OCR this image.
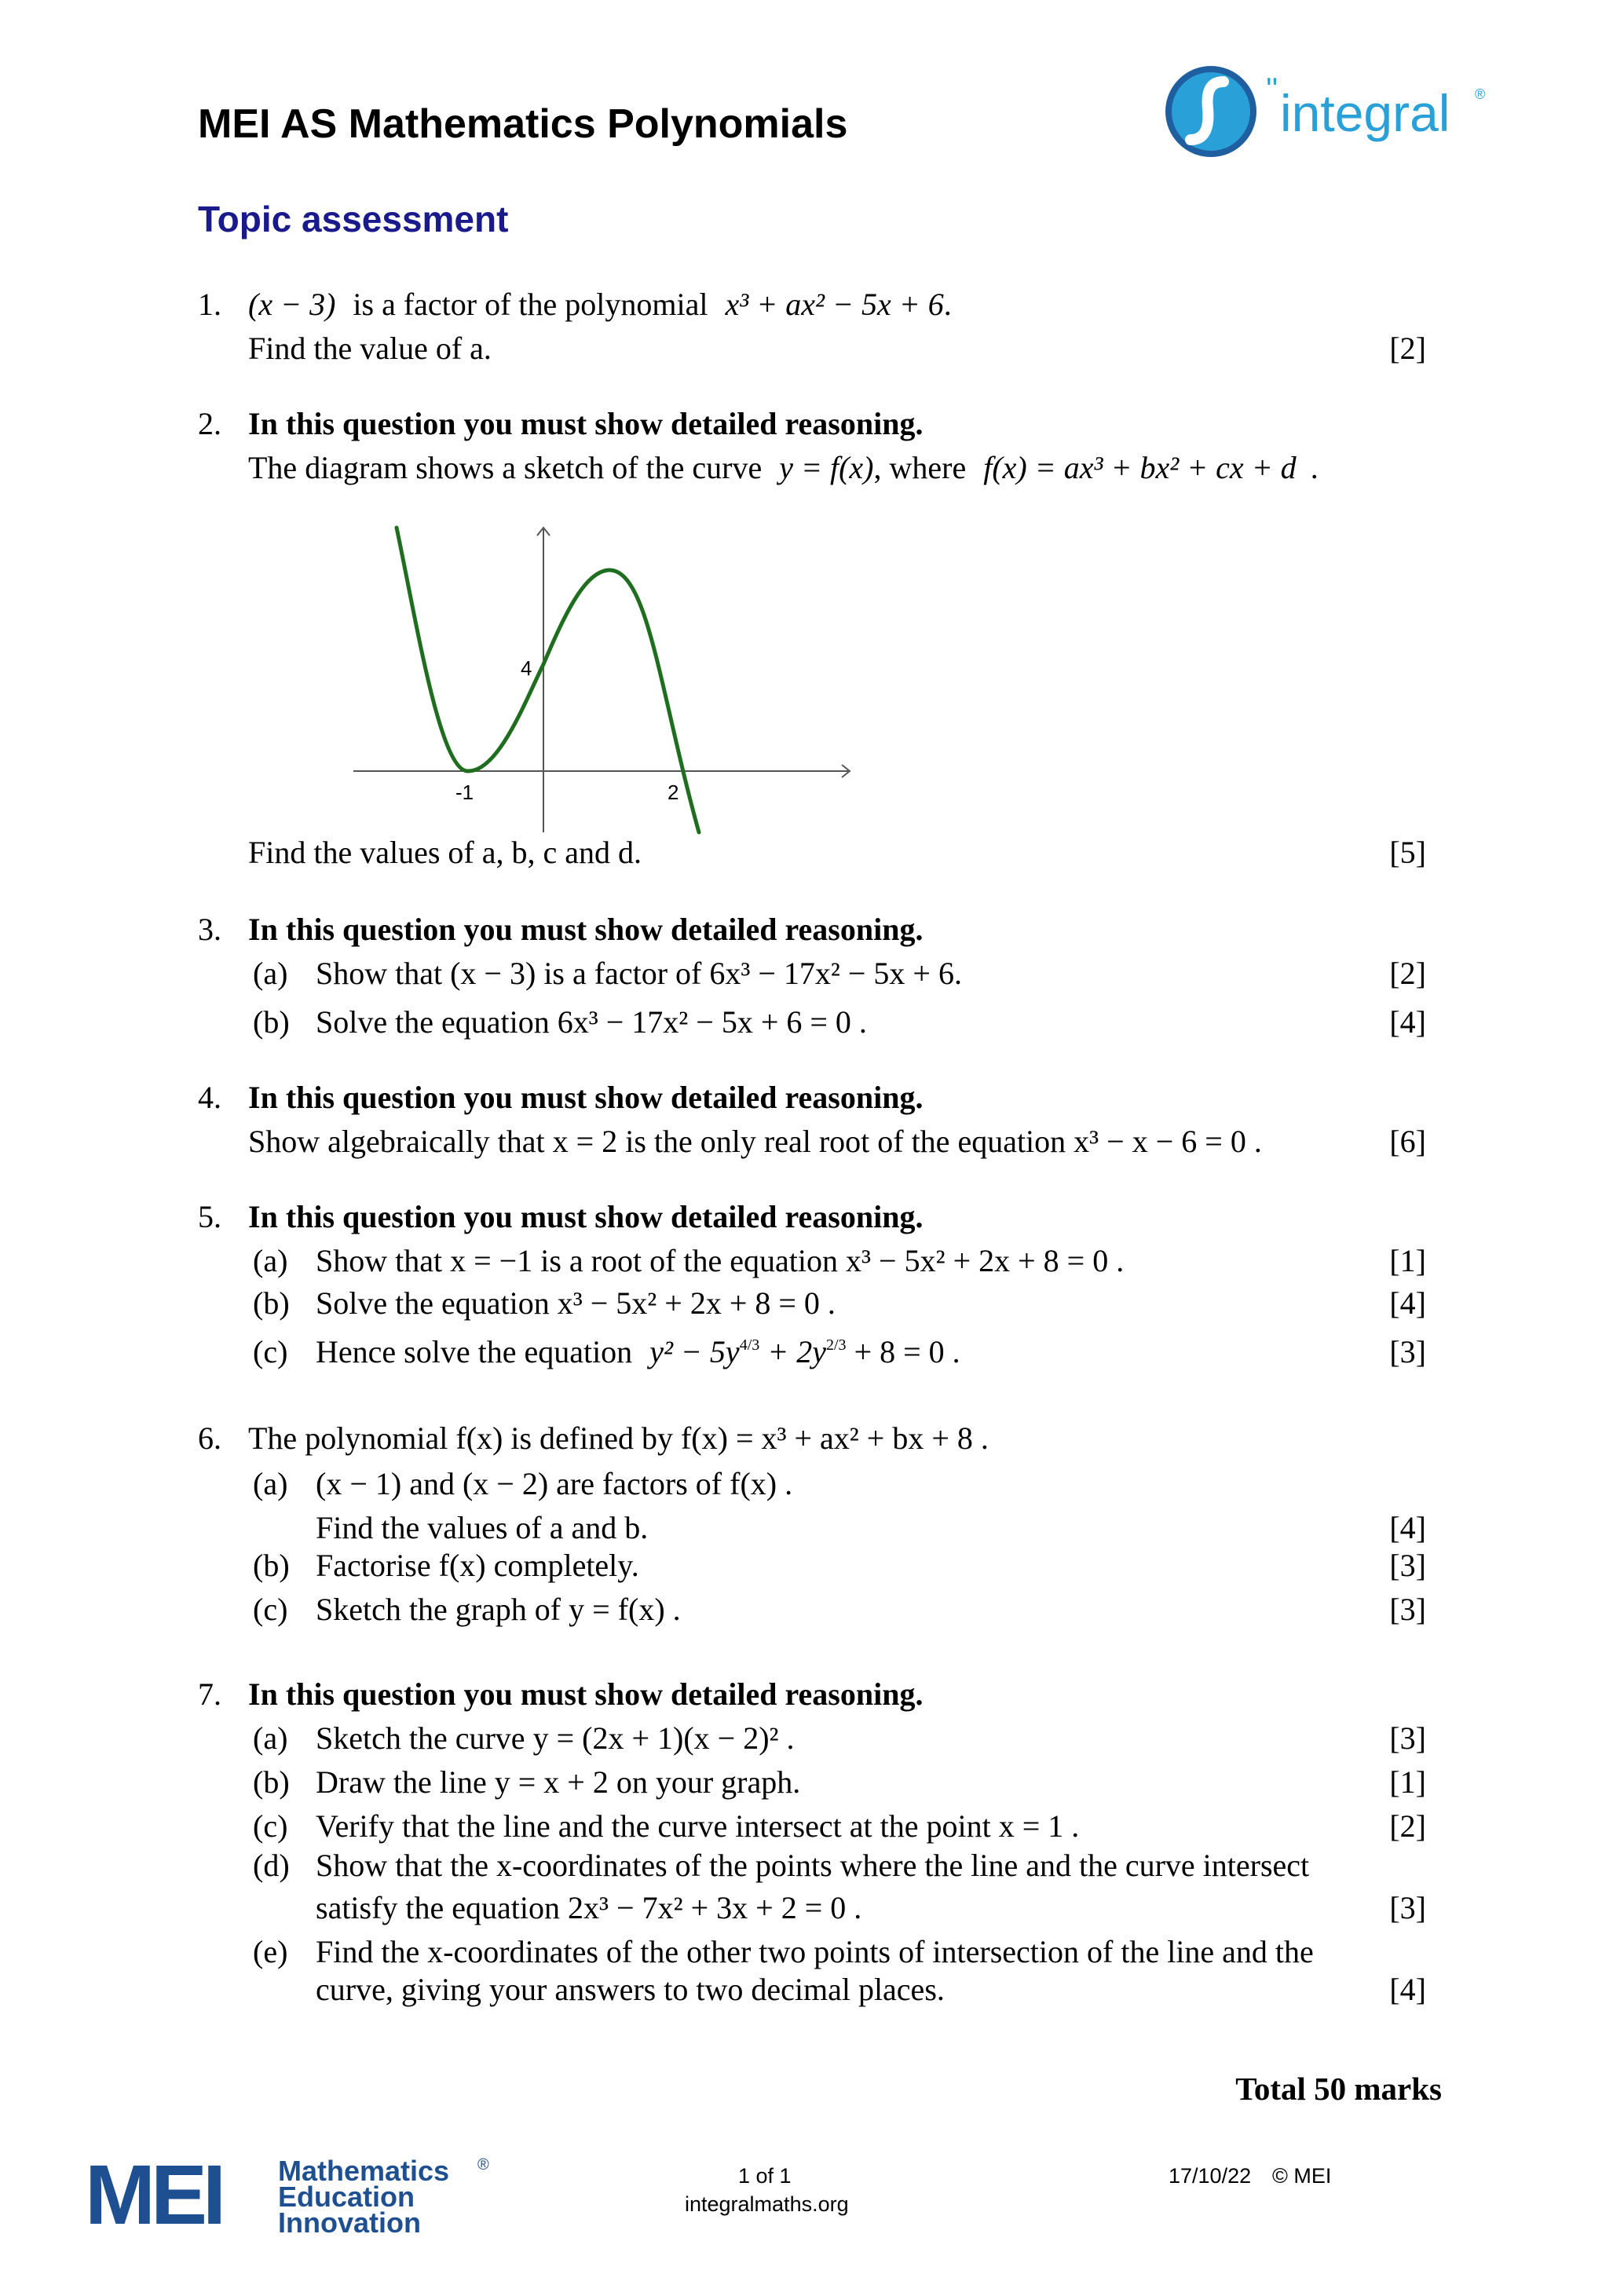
MEI AS Mathematics Polynomials
'' integral ®
Topic assessment
1. (x − 3) is a factor of the polynomial x³ + ax² − 5x + 6.
Find the value of a.	[2]
2. In this question you must show detailed reasoning.
The diagram shows a sketch of the curve y = f(x), where f(x) = ax³ + bx² + cx + d .
4
-1	2
Find the values of a, b, c and d.	[5]
3. In this question you must show detailed reasoning.
(a) Show that (x − 3) is a factor of 6x³ − 17x² − 5x + 6.	[2]
(b) Solve the equation 6x³ − 17x² − 5x + 6 = 0 .	[4]
4. In this question you must show detailed reasoning.
Show algebraically that x = 2 is the only real root of the equation x³ − x − 6 = 0 .	[6]
5. In this question you must show detailed reasoning.
(a) Show that x = −1 is a root of the equation x³ − 5x² + 2x + 8 = 0 .	[1]
(b) Solve the equation x³ − 5x² + 2x + 8 = 0 .	[4]
(c) Hence solve the equation $y^2 - 5y^{4/3} + 2y^{2/3} + 8 = 0$ .	[3]
6. The polynomial f(x) is defined by f(x) = x³ + ax² + bx + 8 .
(a) (x − 1) and (x − 2) are factors of f(x) .
Find the values of a and b.	[4]
(b) Factorise f(x) completely.	[3]
(c) Sketch the graph of y = f(x) .	[3]
7. In this question you must show detailed reasoning.
(a) Sketch the curve y = (2x + 1)(x − 2)² .	[3]
(b) Draw the line y = x + 2 on your graph.	[1]
(c) Verify that the line and the curve intersect at the point x = 1 .	[2]
(d) Show that the x-coordinates of the points where the line and the curve intersect
satisfy the equation 2x³ − 7x² + 3x + 2 = 0 .	[3]
(e) Find the x-coordinates of the other two points of intersection of the line and the
curve, giving your answers to two decimal places.	[4]
Total 50 marks
MEI Mathematics
Education
Innovation
®	1 of 1
integralmaths.org
17/10/22 © MEI
